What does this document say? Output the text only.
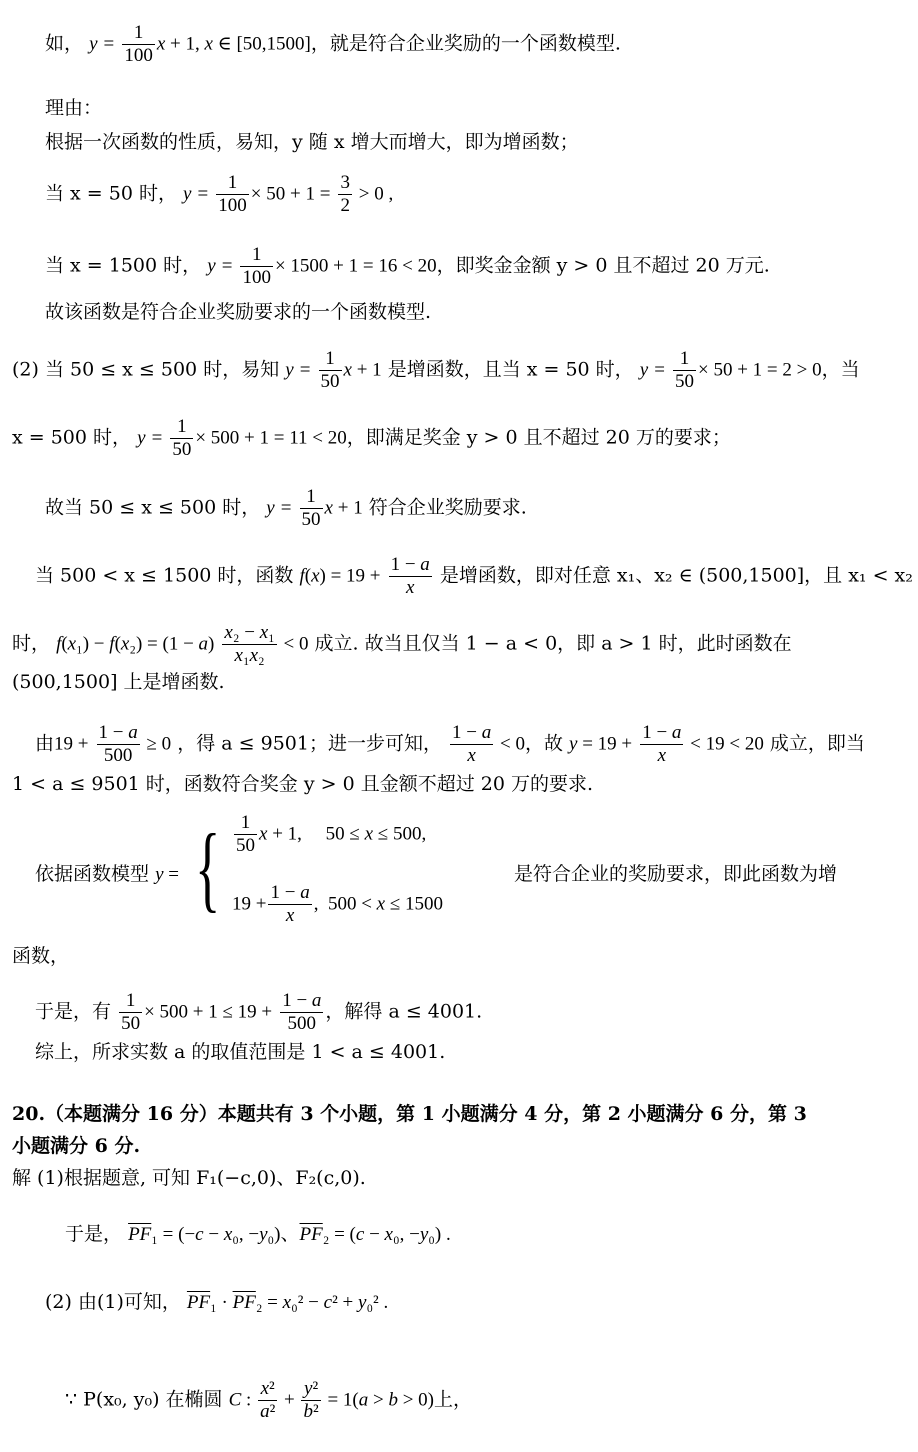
如， $y = \frac{1}{100}$ x + 1, x ∈ [50,1500]，就是符合企业奖励的一个函数模型.
理由：
根据一次函数的性质，易知，y 随 x 增大而增大，即为增函数；
当 x = 50 时， $y = \frac{1}{100} \times 50 + 1 = \frac{3}{2} > 0$ ,
当 x = 1500 时， $y = \frac{1}{100} \times 1500 + 1 = 16 < 20$，即奖金金额 y > 0 且不超过 20 万元.
故该函数是符合企业奖励要求的一个函数模型.
(2) 当 50 ≤ x ≤ 500 时，易知 $y = \frac{1}{50}$ x + 1 是增函数，且当 x = 50 时， $y = \frac{1}{50} \times 50 + 1 = 2 > 0$，当
x = 500 时， $y = \frac{1}{50} \times 500 + 1 = 11 < 20$，即满足奖金 y > 0 且不超过 20 万的要求；
故当 50 ≤ x ≤ 500 时， $y = \frac{1}{50}$ x + 1 符合企业奖励要求.
当 500 < x ≤ 1500 时，函数 $f(x) = 19 + \frac{1 - a}{x}$ 是增函数，即对任意 x₁、x₂ ∈ (500,1500]，且 x₁ < x₂
时， $f(x_1) - f(x_2) = (1 - a) \frac{\text{x₂ − x₁}}{\text{x₁x₂}} < 0$ 成立. 故当且仅当 1 − a < 0，即 a > 1 时，此时函数在
(500,1500] 上是增函数.
由$19 + \frac{1 - a}{500} \ge 0$ ，得 a ≤ 9501；进一步可知， $\frac{1 - a}{x} < 0$，故 $y = 19 + \frac{1 - a}{x} < 19 < 20$ 成立，即当
1 < a ≤ 9501 时，函数符合奖金 y > 0 且金额不超过 20 万的要求.
依据函数模型 y = { $\frac{1}{50}$ x + 1,     50 ≤ x ≤ 500,
$19 + \frac{1 - a}{x}$ ,  500 < x ≤ 1500
是符合企业的奖励要求，即此函数为增
函数，
于是，有 $\frac{1}{50} \times 500 + 1 \le 19 + \frac{1 - a}{500}$ ，解得 a ≤ 4001.
综上，所求实数 a 的取值范围是 1 < a ≤ 4001.
20.（本题满分 16 分）本题共有 3 个小题，第 1 小题满分 4 分，第 2 小题满分 6 分，第 3
小题满分 6 分.
解 (1)根据题意, 可知 F₁(−c,0)、F₂(c,0).
于是， $\overline{PF}_1 = (-c - x_0$, −y₀)、$\overline{PF}_2 = (c - x_0$, −y₀) .
(2) 由(1)可知， $\overline{PF}_1 \cdot \overline{PF}_2 = x_0^2 - c^2 + y_0^2$ .
∵ P(x₀, y₀) 在椭圆 C : $\frac{\text{x²}}{\text{a²}} + \frac{\text{y²}}{\text{b²}} = 1(a > b > 0)$上，
